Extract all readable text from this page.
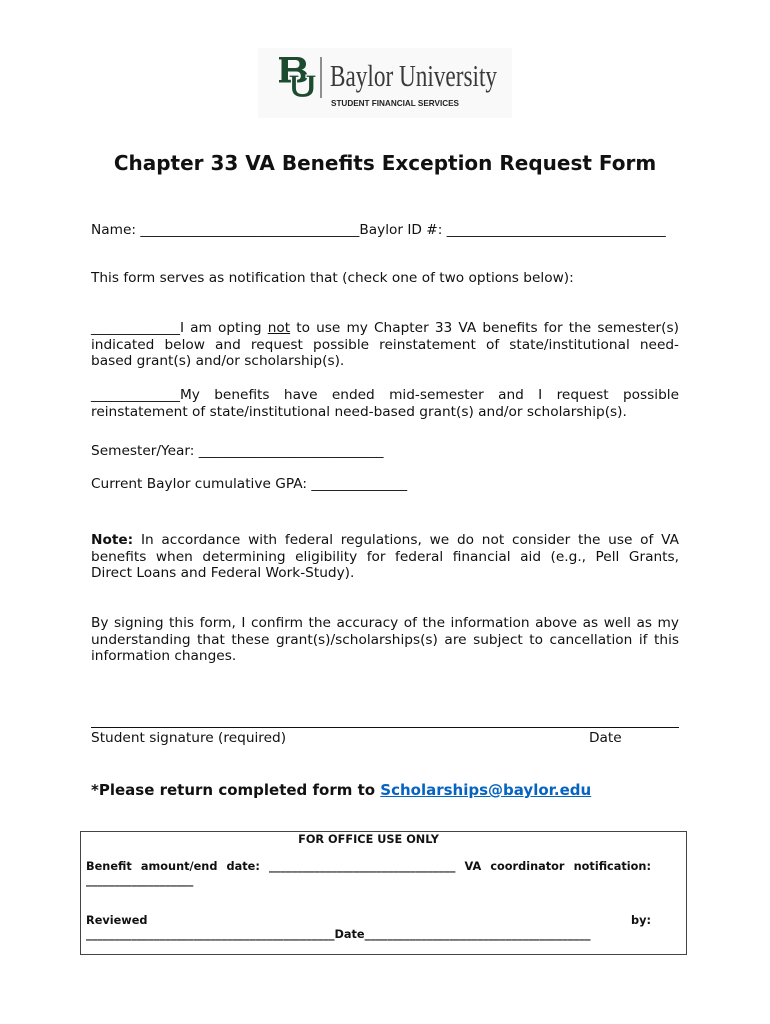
Baylor University
STUDENT FINANCIAL SERVICES
Chapter 33 VA Benefits Exception Request Form
Name: ________________________________Baylor ID #: ________________________________
This form serves as notification that (check one of two options below):
_____________I am opting not to use my Chapter 33 VA benefits for the semester(s)
indicated below and request possible reinstatement of state/institutional need-
based grant(s) and/or scholarship(s).
_____________My benefits have ended mid-semester and I request possible
reinstatement of state/institutional need-based grant(s) and/or scholarship(s).
Semester/Year: ___________________________
Current Baylor cumulative GPA: ______________
Note: In accordance with federal regulations, we do not consider the use of VA
benefits when determining eligibility for federal financial aid (e.g., Pell Grants,
Direct Loans and Federal Work-Study).
By signing this form, I confirm the accuracy of the information above as well as my
understanding that these grant(s)/scholarships(s) are subject to cancellation if this
information changes.
Student signature (required)	Date
*Please return completed form to Scholarships@baylor.edu
FOR OFFICE USE ONLY
Benefit amount/end date: _________________________________ VA coordinator notification:
___________________
Reviewed	by:
____________________________________________Date________________________________________
